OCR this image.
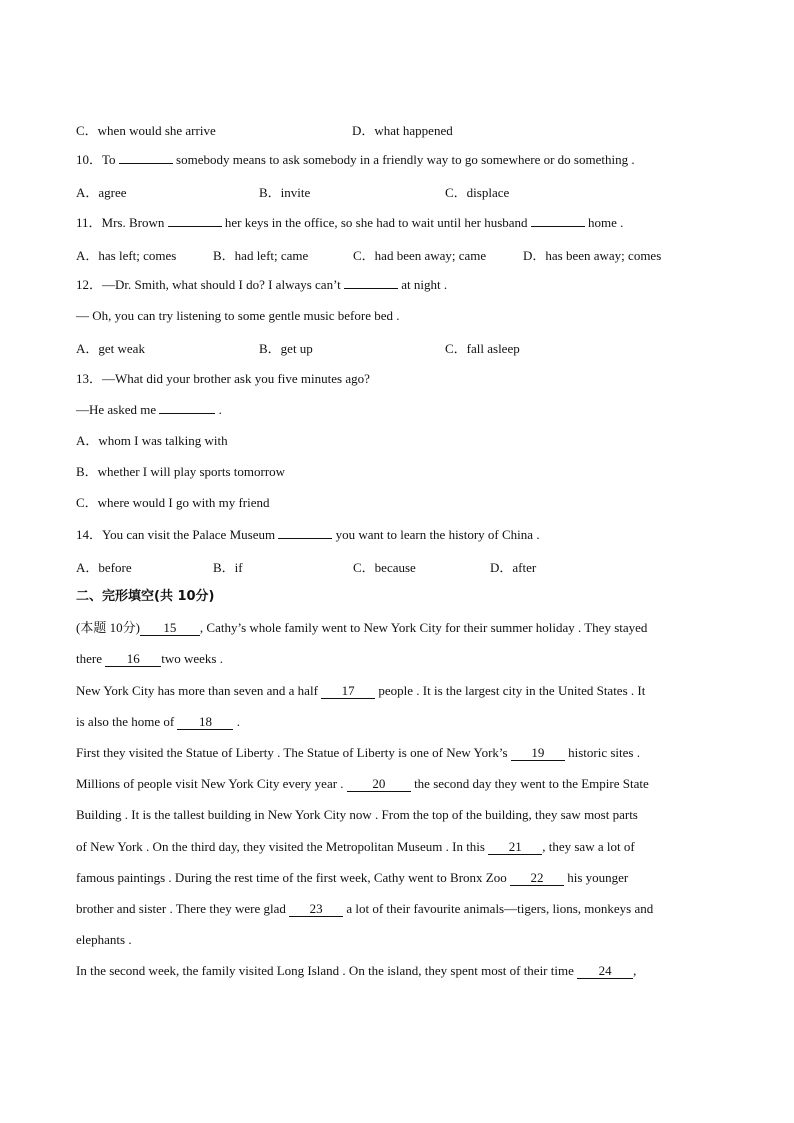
C．when would she arrive	D．what happened
10．To	somebody means to ask somebody in a friendly way to go somewhere or do something .
A．agree	B．invite	C．displace
11．Mrs. Brown	her keys in the office, so she had to wait until her husband	home .
A．has left; comes	B．had left; came	C．had been away; came	D．has been away; comes
12．—Dr. Smith, what should I do? I always can’t	at night .
— Oh, you can try listening to some gentle music before bed .
A．get weak	B．get up	C．fall asleep
13．—What did your brother ask you five minutes ago?
—He asked me	.
A．whom I was talking with
B．whether I will play sports tomorrow
C．where would I go with my friend
14．You can visit the Palace Museum	you want to learn the history of China .
A．before	B．if	C．because	D．after
二、完形填空(共 10分)
(本题 10分) 15 , Cathy’s whole family went to New York City for their summer holiday . They stayed
there 16 two weeks .
New York City has more than seven and a half 17 people . It is the largest city in the United States . It
is also the home of 18 .
First they visited the Statue of Liberty . The Statue of Liberty is one of New York’s 19 historic sites .
Millions of people visit New York City every year . 20 the second day they went to the Empire State
Building . It is the tallest building in New York City now . From the top of the building, they saw most parts
of New York . On the third day, they visited the Metropolitan Museum . In this 21 , they saw a lot of
famous paintings . During the rest time of the first week, Cathy went to Bronx Zoo 22 his younger
brother and sister . There they were glad 23 a lot of their favourite animals—tigers, lions, monkeys and
elephants .
In the second week, the family visited Long Island . On the island, they spent most of their time 24 ,
